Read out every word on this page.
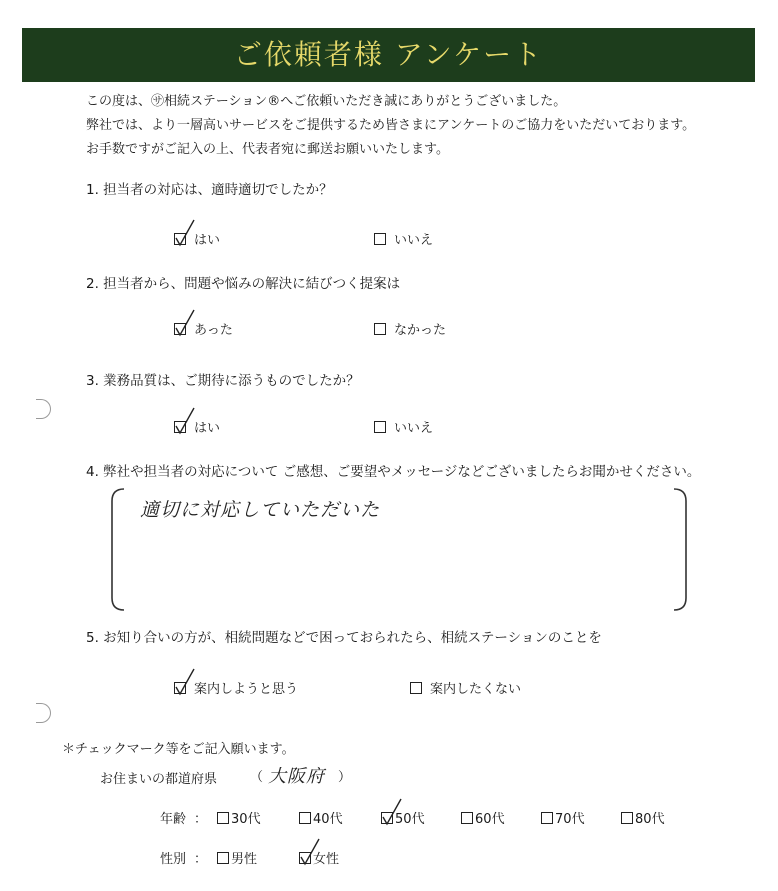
ご依頼者様 アンケート
この度は、㋚相続ステーション®へご依頼いただき誠にありがとうございました。
弊社では、より一層高いサービスをご提供するため皆さまにアンケートのご協力をいただいております。
お手数ですがご記入の上、代表者宛に郵送お願いいたします。
1. 担当者の対応は、適時適切でしたか？
はい	いいえ
2. 担当者から、問題や悩みの解決に結びつく提案は
あった	なかった
3. 業務品質は、ご期待に添うものでしたか？
はい	いいえ
4. 弊社や担当者の対応について ご感想、ご要望やメッセージなどございましたらお聞かせください。
適切に対応していただいた
5. お知り合いの方が、相続問題などで困っておられたら、相続ステーションのことを
案内しようと思う	案内したくない
＊チェックマーク等をご記入願います。
お住まいの都道府県	（ 大阪府 ）
年齢 ： 30代	40代	50代	60代	70代	80代
性別 ： 男性	女性
